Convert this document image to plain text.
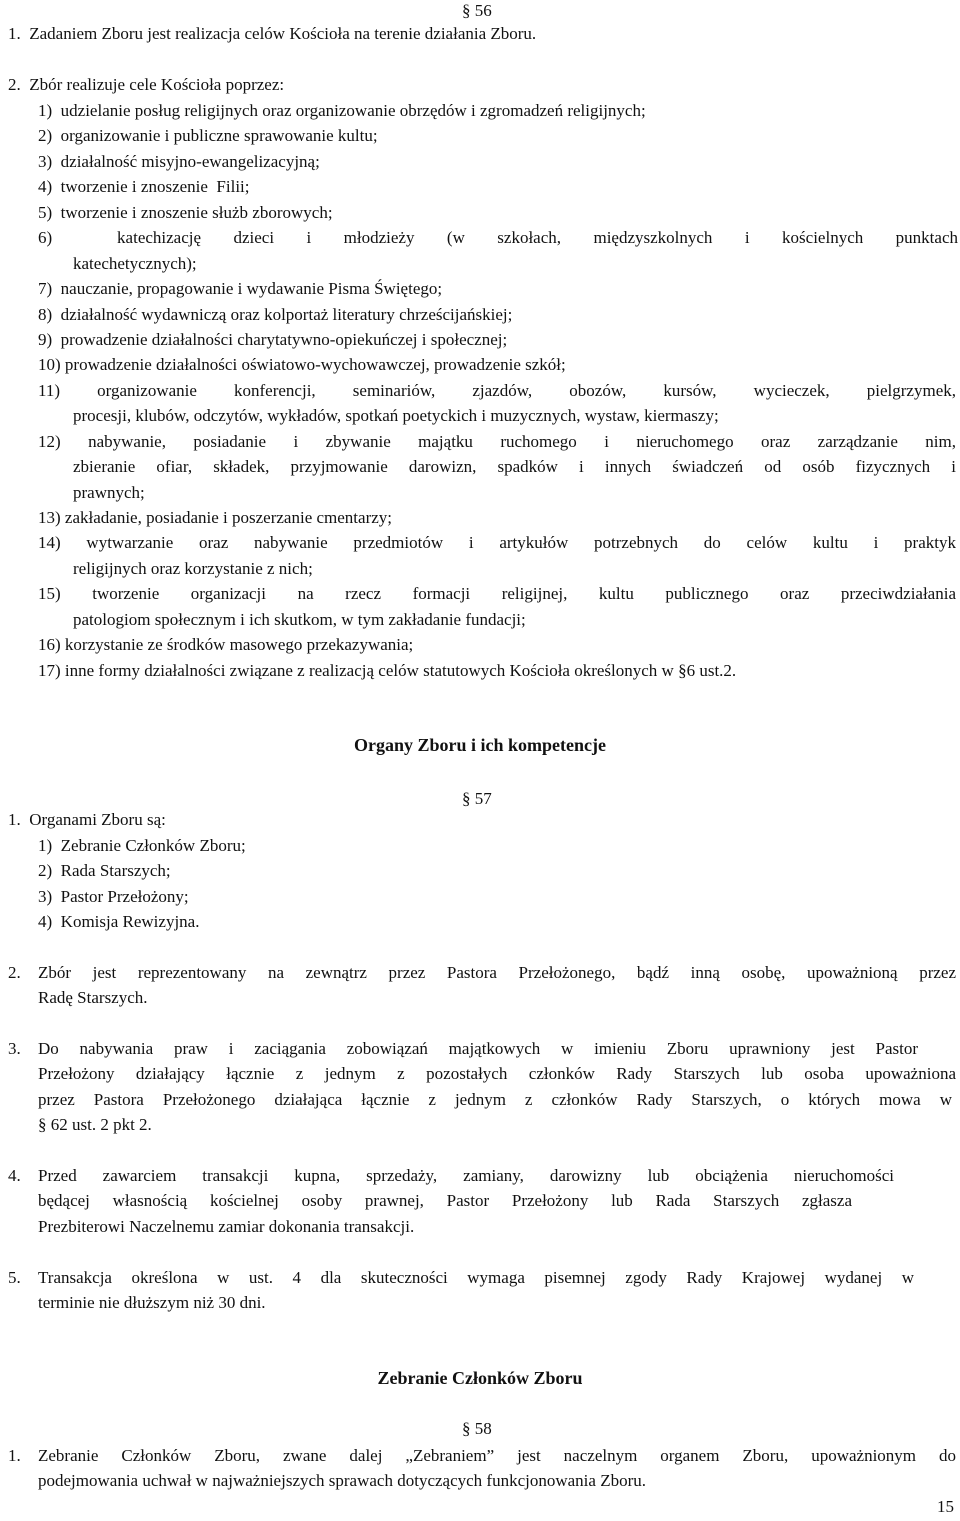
§ 56
1.  Zadaniem Zboru jest realizacja celów Kościoła na terenie działania Zboru.
2.  Zbór realizuje cele Kościoła poprzez:
1)  udzielanie posług religijnych oraz organizowanie obrzędów i zgromadzeń religijnych;
2)  organizowanie i publiczne sprawowanie kultu;
3)  działalność misyjno-ewangelizacyjną;
4)  tworzenie i znoszenie  Filii;
5)  tworzenie i znoszenie służb zborowych;
6)  katechizację dzieci i młodzieży (w szkołach, międzyszkolnych i kościelnych punktach
katechetycznych);
7)  nauczanie, propagowanie i wydawanie Pisma Świętego;
8)  działalność wydawniczą oraz kolportaż literatury chrześcijańskiej;
9)  prowadzenie działalności charytatywno-opiekuńczej i społecznej;
10) prowadzenie działalności oświatowo-wychowawczej, prowadzenie szkół;
11) organizowanie konferencji, seminariów, zjazdów, obozów, kursów, wycieczek, pielgrzymek,
procesji, klubów, odczytów, wykładów, spotkań poetyckich i muzycznych, wystaw, kiermaszy;
12) nabywanie, posiadanie i zbywanie majątku ruchomego i nieruchomego oraz zarządzanie nim,
zbieranie ofiar, składek, przyjmowanie darowizn, spadków i innych świadczeń od osób fizycznych i
prawnych;
13) zakładanie, posiadanie i poszerzanie cmentarzy;
14) wytwarzanie oraz nabywanie przedmiotów i artykułów potrzebnych do celów kultu i praktyk
religijnych oraz korzystanie z nich;
15) tworzenie organizacji na rzecz formacji religijnej, kultu publicznego oraz przeciwdziałania
patologiom społecznym i ich skutkom, w tym zakładanie fundacji;
16) korzystanie ze środków masowego przekazywania;
17) inne formy działalności związane z realizacją celów statutowych Kościoła określonych w §6 ust.2.
Organy Zboru i ich kompetencje
§ 57
1.  Organami Zboru są:
1)  Zebranie Członków Zboru;
2)  Rada Starszych;
3)  Pastor Przełożony;
4)  Komisja Rewizyjna.
2. Zbór jest reprezentowany na zewnątrz przez Pastora Przełożonego, bądź inną osobę, upoważnioną przez
Radę Starszych.
3. Do nabywania praw i zaciągania zobowiązań majątkowych w imieniu Zboru uprawniony jest Pastor
Przełożony działający łącznie z jednym z pozostałych członków Rady Starszych lub osoba upoważniona
przez Pastora Przełożonego działająca łącznie z jednym z członków Rady Starszych, o których mowa w
§ 62 ust. 2 pkt 2.
4. Przed zawarciem transakcji kupna, sprzedaży, zamiany, darowizny lub obciążenia nieruchomości
będącej własnością kościelnej osoby prawnej, Pastor Przełożony lub Rada Starszych zgłasza
Prezbiterowi Naczelnemu zamiar dokonania transakcji.
5. Transakcja określona w ust. 4 dla skuteczności wymaga pisemnej zgody Rady Krajowej wydanej w
terminie nie dłuższym niż 30 dni.
Zebranie Członków Zboru
§ 58
1. Zebranie Członków Zboru, zwane dalej „Zebraniem” jest naczelnym organem Zboru, upoważnionym do
podejmowania uchwał w najważniejszych sprawach dotyczących funkcjonowania Zboru.
15
